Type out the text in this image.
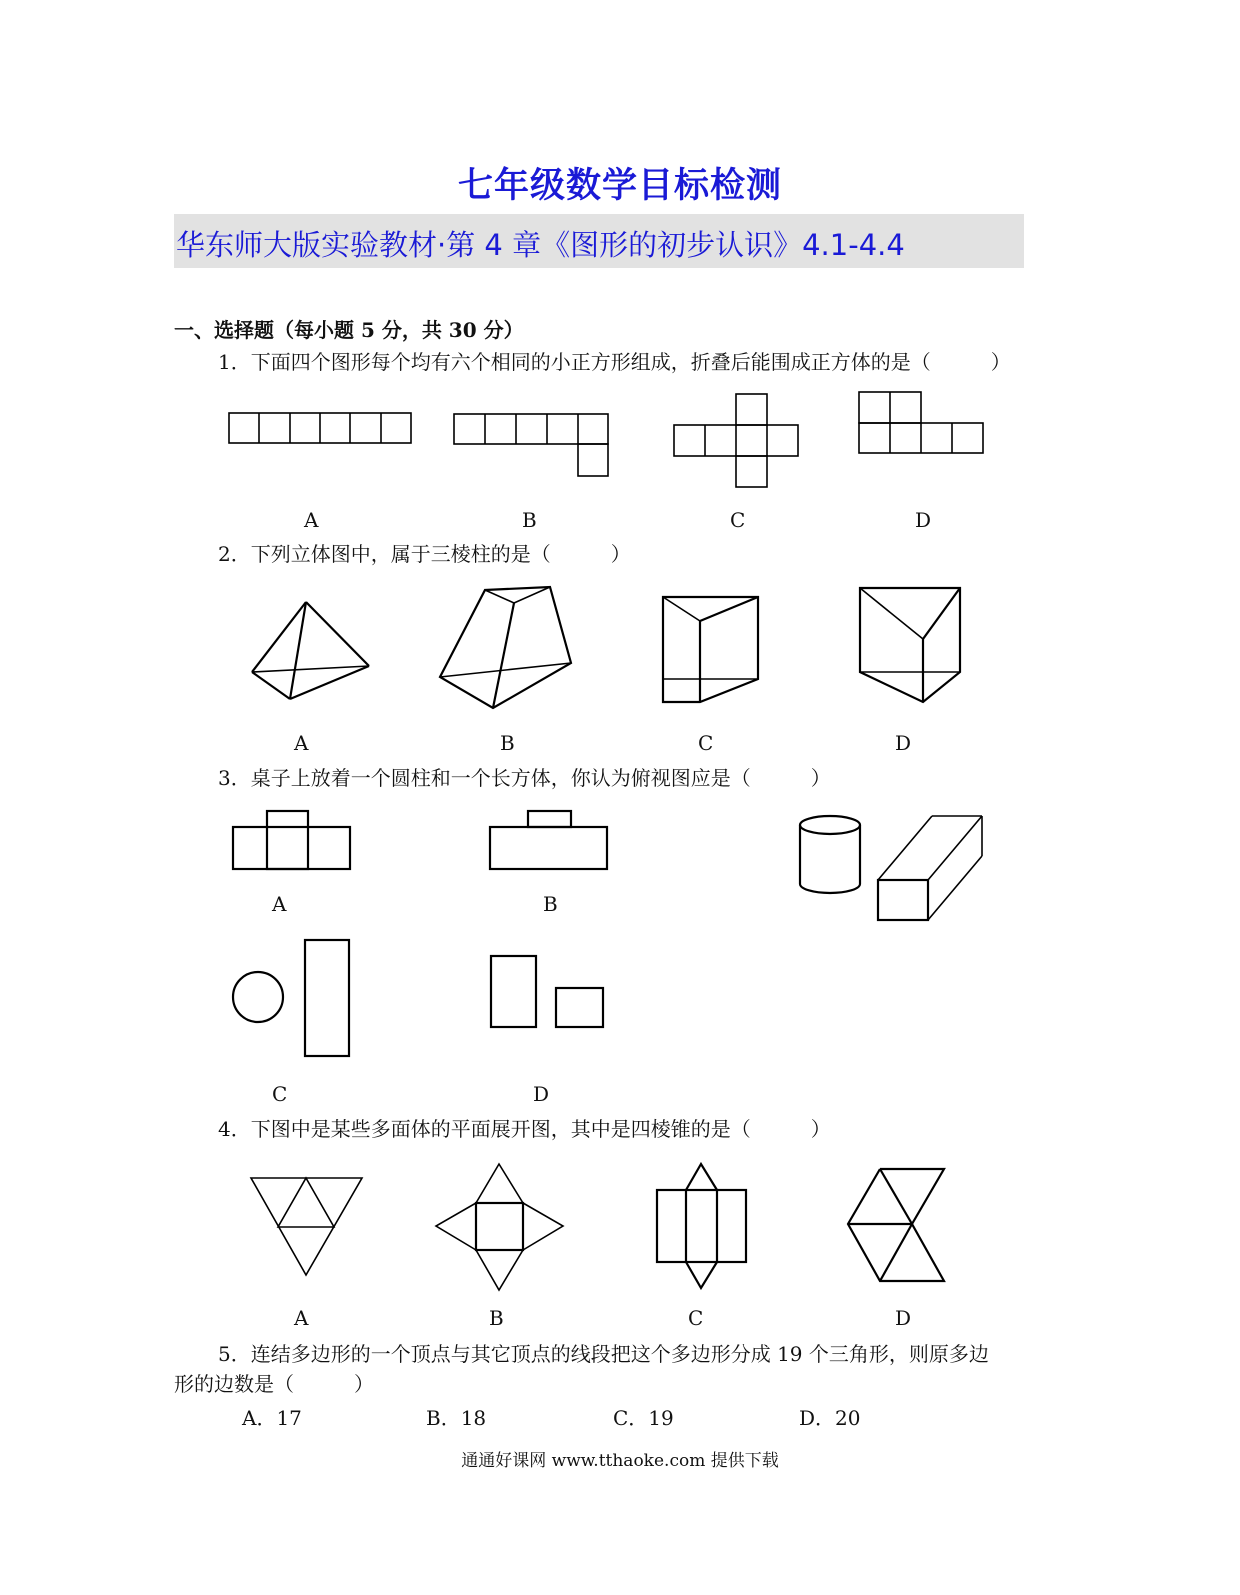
七年级数学目标检测
华东师大版实验教材·第 4 章《图形的初步认识》4.1-4.4
一、选择题（每小题 5 分，共 30 分）
1．下面四个图形每个均有六个相同的小正方形组成，折叠后能围成正方体的是（　　　）
A	B	C	D
2．下列立体图中，属于三棱柱的是（　　　）
A	B	C	D
3．桌子上放着一个圆柱和一个长方体，你认为俯视图应是（　　　）
A	B
C	D
4．下图中是某些多面体的平面展开图，其中是四棱锥的是（　　　）
A	B	C	D
5．连结多边形的一个顶点与其它顶点的线段把这个多边形分成 19 个三角形，则原多边
形的边数是（　　　）
A．17	B．18	C．19	D．20
通通好课网 www.tthaoke.com 提供下载
